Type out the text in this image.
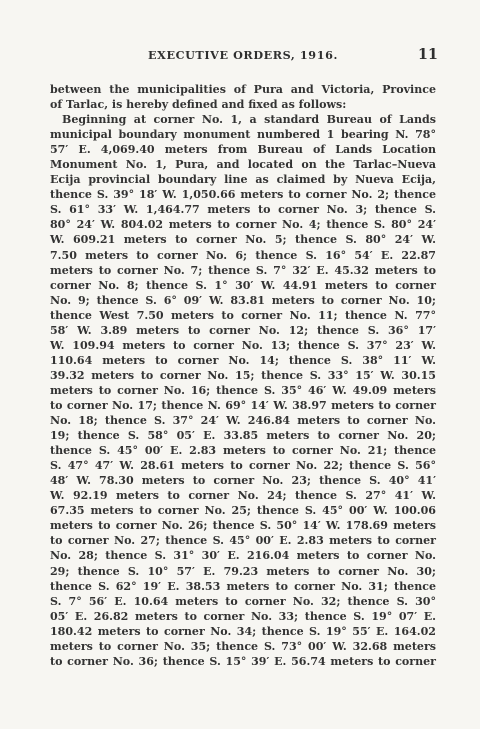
EXECUTIVE ORDERS, 1916.	11
between the municipalities of Pura and Victoria, Province
of Tarlac, is hereby defined and fixed as follows:
Beginning at corner No. 1, a standard Bureau of Lands
municipal boundary monument numbered 1 bearing N. 78°
57′ E. 4,069.40 meters from Bureau of Lands Location
Monument No. 1, Pura, and located on the Tarlac–Nueva
Ecija provincial boundary line as claimed by Nueva Ecija,
thence S. 39° 18′ W. 1,050.66 meters to corner No. 2; thence
S. 61° 33′ W. 1,464.77 meters to corner No. 3; thence S.
80° 24′ W. 804.02 meters to corner No. 4; thence S. 80° 24′
W. 609.21 meters to corner No. 5; thence S. 80° 24′ W.
7.50 meters to corner No. 6; thence S. 16° 54′ E. 22.87
meters to corner No. 7; thence S. 7° 32′ E. 45.32 meters to
corner No. 8; thence S. 1° 30′ W. 44.91 meters to corner
No. 9; thence S. 6° 09′ W. 83.81 meters to corner No. 10;
thence West 7.50 meters to corner No. 11; thence N. 77°
58′ W. 3.89 meters to corner No. 12; thence S. 36° 17′
W. 109.94 meters to corner No. 13; thence S. 37° 23′ W.
110.64 meters to corner No. 14; thence S. 38° 11′ W.
39.32 meters to corner No. 15; thence S. 33° 15′ W. 30.15
meters to corner No. 16; thence S. 35° 46′ W. 49.09 meters
to corner No. 17; thence N. 69° 14′ W. 38.97 meters to corner
No. 18; thence S. 37° 24′ W. 246.84 meters to corner No.
19; thence S. 58° 05′ E. 33.85 meters to corner No. 20;
thence S. 45° 00′ E. 2.83 meters to corner No. 21; thence
S. 47° 47′ W. 28.61 meters to corner No. 22; thence S. 56°
48′ W. 78.30 meters to corner No. 23; thence S. 40° 41′
W. 92.19 meters to corner No. 24; thence S. 27° 41′ W.
67.35 meters to corner No. 25; thence S. 45° 00′ W. 100.06
meters to corner No. 26; thence S. 50° 14′ W. 178.69 meters
to corner No. 27; thence S. 45° 00′ E. 2.83 meters to corner
No. 28; thence S. 31° 30′ E. 216.04 meters to corner No.
29; thence S. 10° 57′ E. 79.23 meters to corner No. 30;
thence S. 62° 19′ E. 38.53 meters to corner No. 31; thence
S. 7° 56′ E. 10.64 meters to corner No. 32; thence S. 30°
05′ E. 26.82 meters to corner No. 33; thence S. 19° 07′ E.
180.42 meters to corner No. 34; thence S. 19° 55′ E. 164.02
meters to corner No. 35; thence S. 73° 00′ W. 32.68 meters
to corner No. 36; thence S. 15° 39′ E. 56.74 meters to corner
